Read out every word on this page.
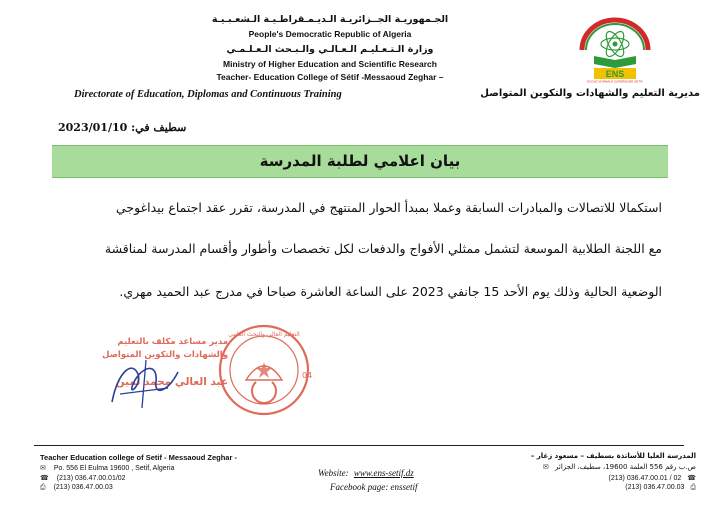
ENS
ECOLE NORMALE SUPERIEURE SETIF
الجـمهوريـة الجــزائريـة الـديـمـقراطـيـة الـشعـبـيـة
People's Democratic Republic of Algeria
وزارة الـتـعـليـم الـعـالـي والـبـحث الـعـلـمـي
Ministry of Higher Education and Scientific Research
Teacher- Education College of Sétif -Messaoud Zeghar –
Directorate of Education, Diplomas and Continuous Training	مديرية التعليم والشهادات والتكوين المتواصل
سطيف في: 2023/01/10
بيان اعلامي لطلبة المدرسة
استكمالا للاتصالات والمبادرات السابقة وعملا بمبدأ الحوار المنتهج في المدرسة، تقرر عقد اجتماع بيداغوجي
مع اللجنة الطلابية الموسعة لتشمل ممثلي الأفواج والدفعات لكل تخصصات وأطوار وأقسام المدرسة لمناقشة
الوضعية الحالية وذلك يوم الأحد 15 جانفي 2023 على الساعة العاشرة صباحا في مدرج عبد الحميد مهري.
04
التعليم العالي والبحث العلمي
مدير مساعد مكلف بالتعليم
والشهادات والتكوين المتواصل
عبد العالي محمد لمين
Teacher Education college of Setif - Messaoud Zeghar -
✉ Po. 556 El Eulma 19600 , Setif, Algeria
☎ (213) 036.47.00.01/02
⎙ (213) 036.47.00.03
Website: www.ens-setif.dz
Facebook page: enssetif
المدرسة العليا للأساتذة بسطيف – مسعود زغار –
ص.ب رقم 556 العلمة 19600، سطيف، الجزائر ✉
(213) 036.47.00.01 / 02 ☎
(213) 036.47.00.03 ⎙
